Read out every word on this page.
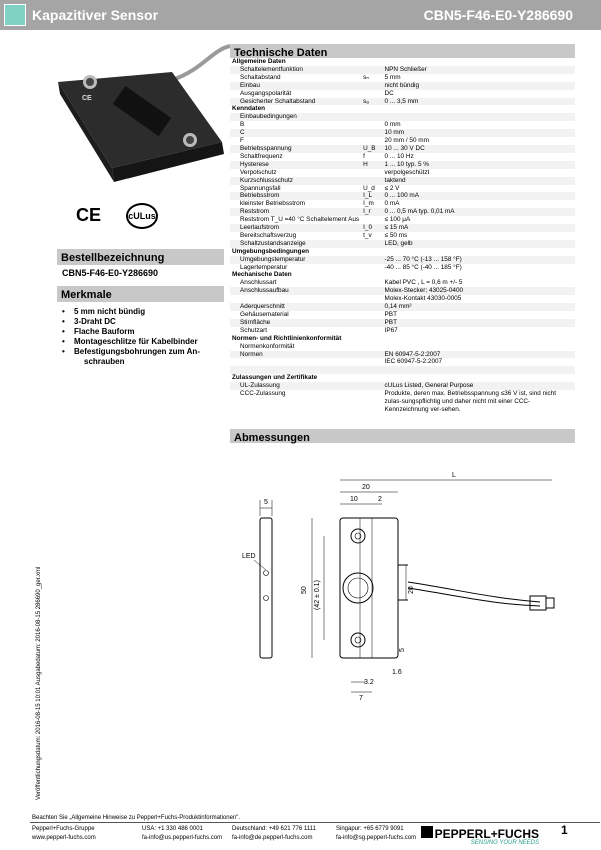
Kapazitiver Sensor	CBN5-F46-E0-Y286690
CE
CE	cULus
Bestellbezeichnung
CBN5-F46-E0-Y286690
Merkmale
• 5 mm nicht bündig
• 3-Draht DC
• Flache Bauform
• Montageschlitze für Kabelbinder
• Befestigungsbohrungen zum An-
schrauben
Technische Daten
Allgemeine Daten		
Schaltelementfunktion		NPN Schließer
Schaltabstand	sₙ	5 mm
Einbau		nicht bündig
Ausgangspolarität		DC
Gesicherter Schaltabstand	sₐ	0 ... 3,5 mm
Kenndaten		
Einbaubedingungen		
B		0 mm
C		10 mm
F		20 mm / 50 mm
Betriebsspannung	U_B	10 ... 30 V DC
Schaltfrequenz	f	0 ... 10 Hz
Hysterese	H	1 ... 10 typ. 5 %
Verpolschutz		verpolgeschützt
Kurzschlussschutz		taktend
Spannungsfall	U_d	≤ 2 V
Betriebsstrom	I_L	0 ... 100 mA
kleinster Betriebsstrom	I_m	0 mA
Reststrom	I_r	0 ... 0,5 mA typ. 0,01 mA
Reststrom T_U =40 °C Schaltelement Aus		≤ 100 μA
Leerlaufstrom	I_0	≤ 15 mA
Bereitschaftsverzug	t_v	≤ 50 ms
Schaltzustandsanzeige		LED, gelb
Umgebungsbedingungen		
Umgebungstemperatur		-25 ... 70 °C (-13 ... 158 °F)
Lagertemperatur		-40 ... 85 °C (-40 ... 185 °F)
Mechanische Daten		
Anschlussart		Kabel PVC , L = 0,6 m +/- 5
Anschlussaufbau		Molex-Stecker; 43025-0400
		Molex-Kontakt 43030-0005
Aderquerschnitt		0,14 mm²
Gehäusematerial		PBT
Stirnfläche		PBT
Schutzart		IP67
Normen- und Richtlinienkonformität		
Normenkonformität		
Normen		EN 60947-5-2:2007
		IEC 60947-5-2:2007

Zulassungen und Zertifikate		
UL-Zulassung		cULus Listed, General Purpose
CCC-Zulassung		Produkte, deren max. Betriebsspannung ≤36 V ist, sind nicht zulas-sungspflichtig und daher nicht mit einer CCC-Kennzeichnung ver-sehen.
Abmessungen
5
LED
20
10	2
L
50 (42 ± 0.1)	20
5
1.6
3.2
7
Veröffentlichungsdatum: 2016-08-15 10:01 Ausgabedatum: 2016-08-15 286690_ger.xml
Beachten Sie „Allgemeine Hinweise zu Pepperl+Fuchs-Produktinformationen".
Pepperl+Fuchs-Gruppe
www.pepperl-fuchs.com
USA: +1 330 486 0001
fa-info@us.pepperl-fuchs.com
Deutschland: +49 621 776 1111
fa-info@de.pepperl-fuchs.com
Singapur: +65 6779 9091
fa-info@sg.pepperl-fuchs.com PEPPERL+FUCHS
SENSING YOUR NEEDS
1
